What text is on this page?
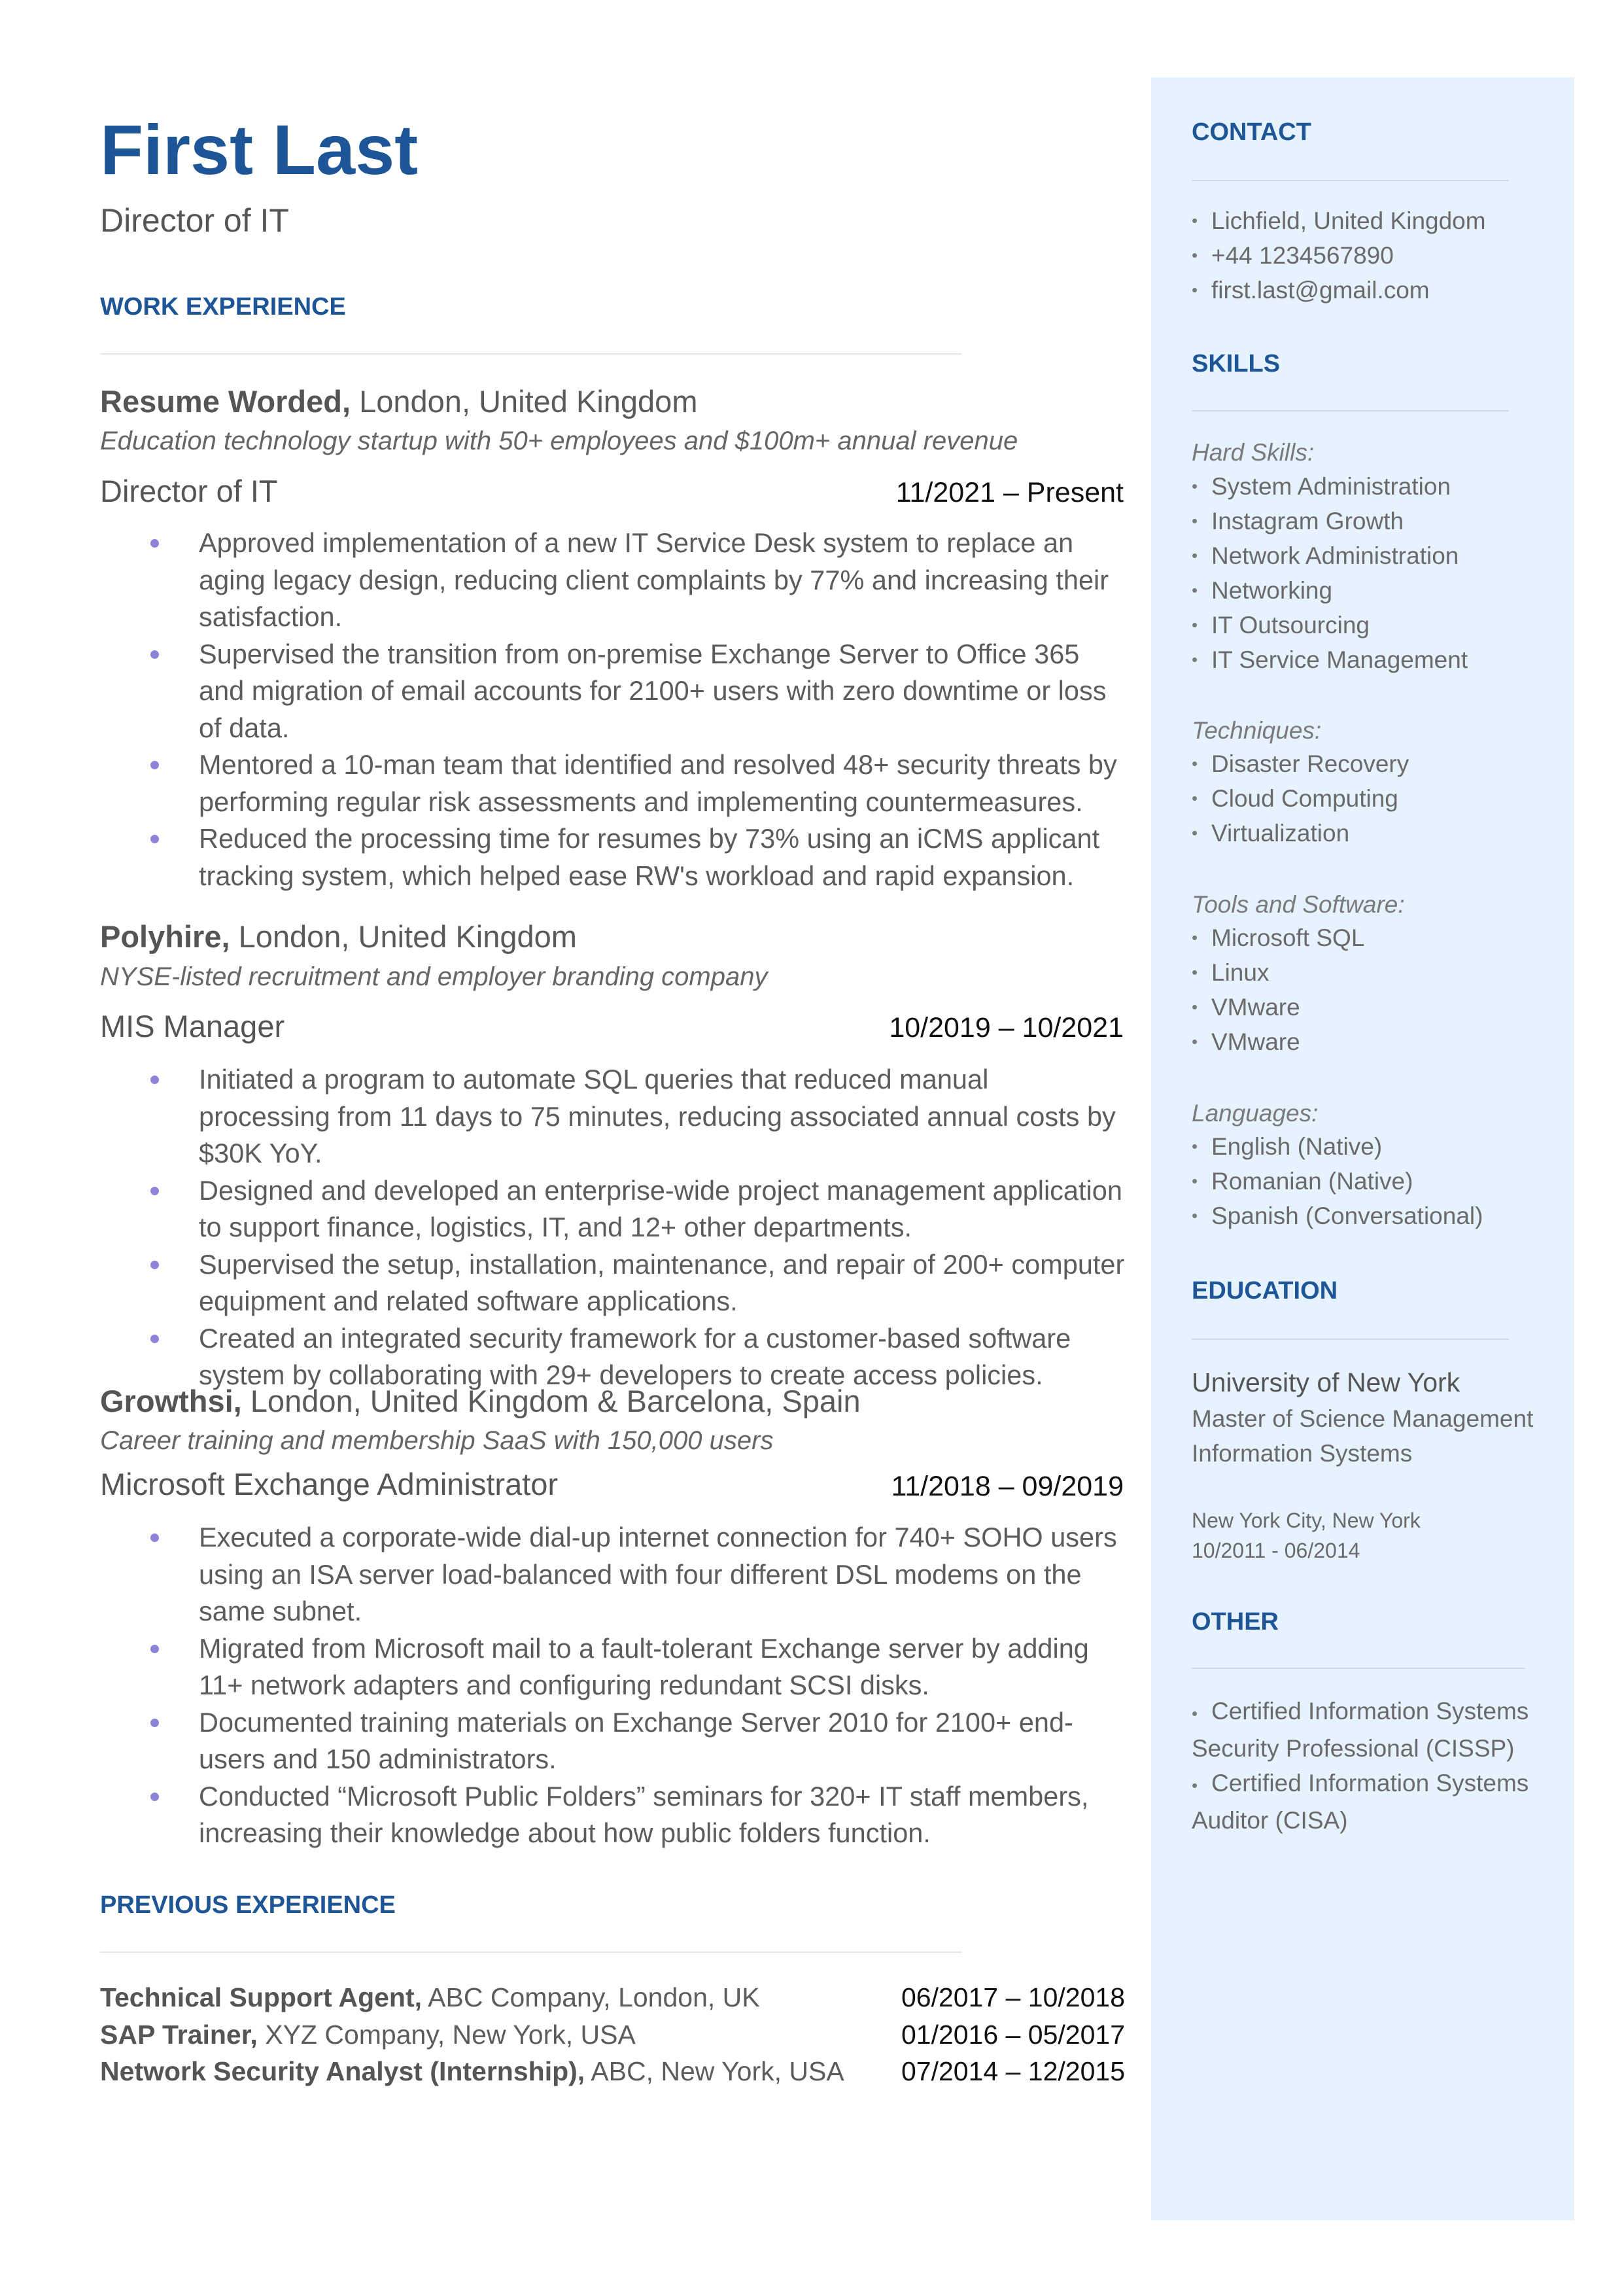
First Last
Director of IT
WORK EXPERIENCE
Resume Worded, London, United Kingdom
Education technology startup with 50+ employees and $100m+ annual revenue
Director of IT	11/2021 – Present
Approved implementation of a new IT Service Desk system to replace an aging legacy design, reducing client complaints by 77% and increasing their satisfaction.
Supervised the transition from on-premise Exchange Server to Office 365 and migration of email accounts for 2100+ users with zero downtime or loss of data.
Mentored a 10-man team that identified and resolved 48+ security threats by performing regular risk assessments and implementing countermeasures.
Reduced the processing time for resumes by 73% using an iCMS applicant tracking system, which helped ease RW's workload and rapid expansion.
Polyhire, London, United Kingdom
NYSE-listed recruitment and employer branding company
MIS Manager	10/2019 – 10/2021
Initiated a program to automate SQL queries that reduced manual processing from 11 days to 75 minutes, reducing associated annual costs by $30K YoY.
Designed and developed an enterprise-wide project management application to support finance, logistics, IT, and 12+ other departments.
Supervised the setup, installation, maintenance, and repair of 200+ computer equipment and related software applications.
Created an integrated security framework for a customer-based software system by collaborating with 29+ developers to create access policies.
Growthsi, London, United Kingdom & Barcelona, Spain
Career training and membership SaaS with 150,000 users
Microsoft Exchange Administrator	11/2018 – 09/2019
Executed a corporate-wide dial-up internet connection for 740+ SOHO users using an ISA server load-balanced with four different DSL modems on the same subnet.
Migrated from Microsoft mail to a fault-tolerant Exchange server by adding 11+ network adapters and configuring redundant SCSI disks.
Documented training materials on Exchange Server 2010 for 2100+ end-users and 150 administrators.
Conducted “Microsoft Public Folders” seminars for 320+ IT staff members, increasing their knowledge about how public folders function.
PREVIOUS EXPERIENCE
Technical Support Agent, ABC Company, London, UK	06/2017 – 10/2018
SAP Trainer, XYZ Company, New York, USA	01/2016 – 05/2017
Network Security Analyst (Internship), ABC, New York, USA 07/2014 – 12/2015
CONTACT
• Lichfield, United Kingdom
• +44 1234567890
• first.last@gmail.com
SKILLS
Hard Skills:
• System Administration
• Instagram Growth
• Network Administration
• Networking
• IT Outsourcing
• IT Service Management
Techniques:
• Disaster Recovery
• Cloud Computing
• Virtualization
Tools and Software:
• Microsoft SQL
• Linux
• VMware
• VMware
Languages:
• English (Native)
• Romanian (Native)
• Spanish (Conversational)
EDUCATION
University of New York
Master of Science Management Information Systems
New York City, New York
10/2011 - 06/2014
OTHER
• Certified Information Systems Security Professional (CISSP)
• Certified Information Systems Auditor (CISA)
